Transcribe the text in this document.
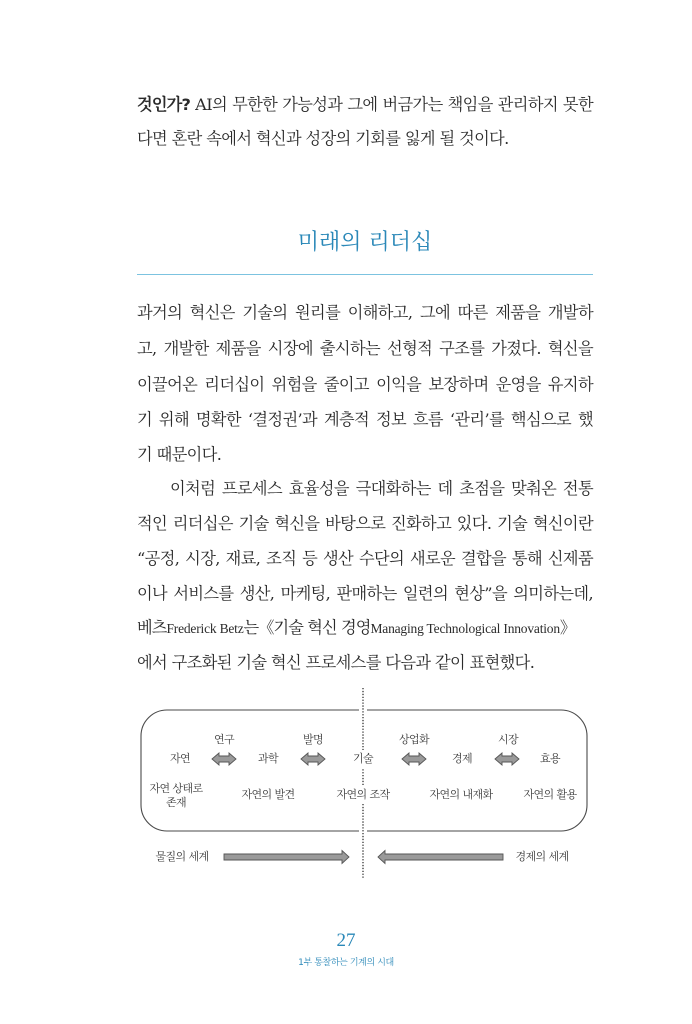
것인가? AI의 무한한 가능성과 그에 버금가는 책임을 관리하지 못한
다면 혼란 속에서 혁신과 성장의 기회를 잃게 될 것이다.
미래의 리더십
과거의 혁신은 기술의 원리를 이해하고, 그에 따른 제품을 개발하
고, 개발한 제품을 시장에 출시하는 선형적 구조를 가졌다. 혁신을
이끌어온 리더십이 위험을 줄이고 이익을 보장하며 운영을 유지하
기 위해 명확한 ‘결정권’과 계층적 정보 흐름 ‘관리’를 핵심으로 했
기 때문이다.
이처럼 프로세스 효율성을 극대화하는 데 초점을 맞춰온 전통
적인 리더십은 기술 혁신을 바탕으로 진화하고 있다. 기술 혁신이란
“공정, 시장, 재료, 조직 등 생산 수단의 새로운 결합을 통해 신제품
이나 서비스를 생산, 마케팅, 판매하는 일련의 현상”을 의미하는데,
베츠Frederick Betz는《기술 혁신 경영Managing Technological Innovation》
에서 구조화된 기술 혁신 프로세스를 다음과 같이 표현했다.
연구	발명	상업화	시장
자연	과학	기술	경제	효용
자연 상태로
존재
자연의 발견	자연의 조작	자연의 내재화	자연의 활용
물질의 세계	경제의 세계
27
1부 통찰하는 기계의 시대
